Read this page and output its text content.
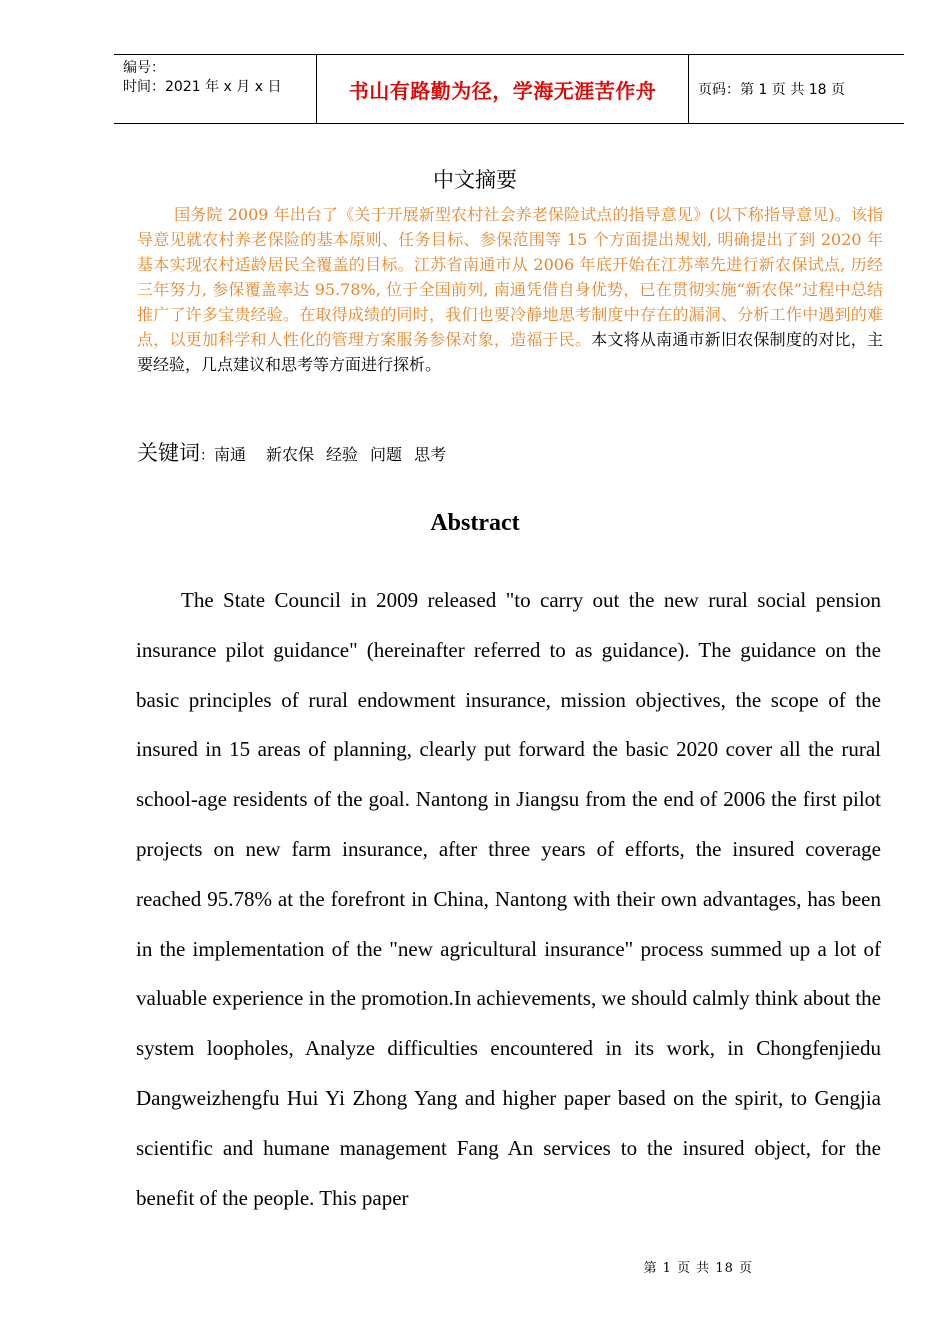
编号：
时间：2021 年 x 月 x 日	书山有路勤为径，学海无涯苦作舟	页码：第 1 页 共 18 页
中文摘要
国务院 2009 年出台了《关于开展新型农村社会养老保险试点的指导意见》(以下称指导意见)。该指导意见就农村养老保险的基本原则、任务目标、参保范围等 15 个方面提出规划, 明确提出了到 2020 年基本实现农村适龄居民全覆盖的目标。江苏省南通市从 2006 年底开始在江苏率先进行新农保试点, 历经三年努力, 参保覆盖率达 95.78%, 位于全国前列, 南通凭借自身优势，已在贯彻实施“新农保”过程中总结推广了许多宝贵经验。在取得成绩的同时，我们也要冷静地思考制度中存在的漏洞、分析工作中遇到的难点，以更加科学和人性化的管理方案服务参保对象，造福于民。本文将从南通市新旧农保制度的对比，主要经验，几点建议和思考等方面进行探析。
关键词：南通 新农保 经验 问题 思考
Abstract

The State Council in 2009 released "to carry out the new rural social pension insurance pilot guidance" (hereinafter referred to as guidance). The guidance on the basic principles of rural endowment insurance, mission objectives, the scope of the insured in 15 areas of planning, clearly put forward the basic 2020 cover all the rural school-age residents of the goal. Nantong in Jiangsu from the end of 2006 the first pilot projects on new farm insurance, after three years of efforts, the insured coverage reached 95.78% at the forefront in China, Nantong with their own advantages, has been in the implementation of the "new agricultural insurance" process summed up a lot of valuable experience in the promotion.In achievements, we should calmly think about the system loopholes, Analyze difficulties encountered in its work, in Chongfenjiedu Dangweizhengfu Hui Yi Zhong Yang and higher paper based on the spirit, to Gengjia scientific and humane management Fang An services to the insured object, for the benefit of the people. This paper

第 1 页 共 18 页
